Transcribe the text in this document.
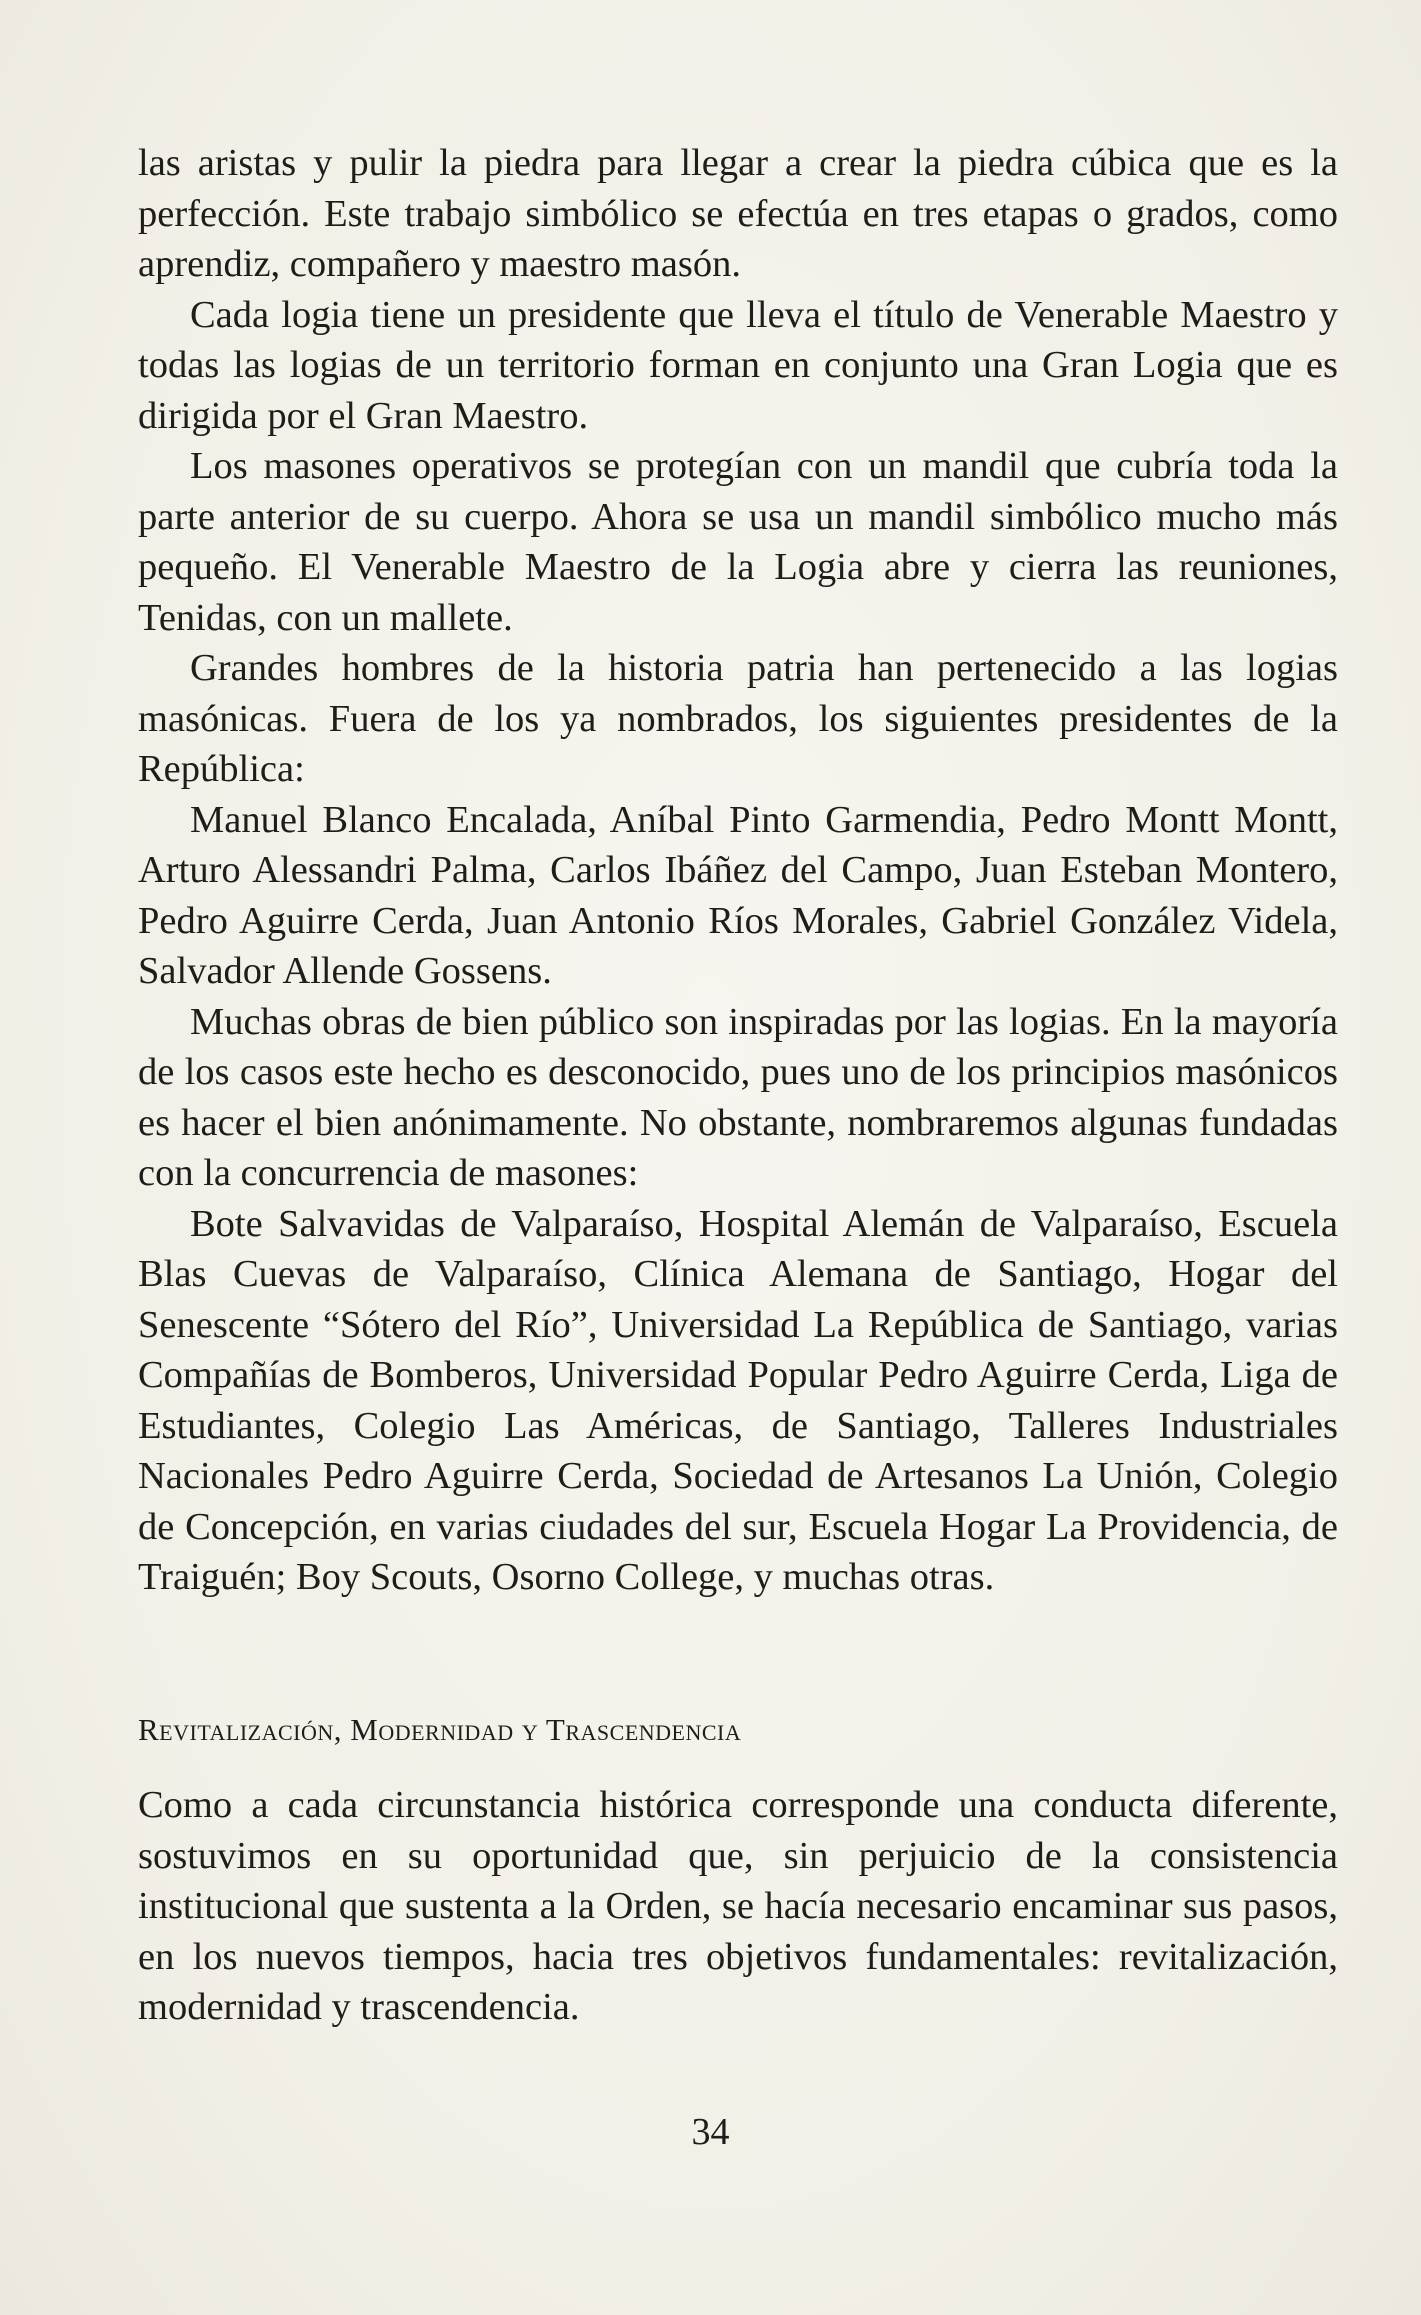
las aristas y pulir la piedra para llegar a crear la piedra cúbica que es la perfección. Este trabajo simbólico se efectúa en tres etapas o grados, como aprendiz, compañero y maestro masón.

Cada logia tiene un presidente que lleva el título de Venerable Maestro y todas las logias de un territorio forman en conjunto una Gran Logia que es dirigida por el Gran Maestro.

Los masones operativos se protegían con un mandil que cubría toda la parte anterior de su cuerpo. Ahora se usa un mandil simbólico mucho más pequeño. El Venerable Maestro de la Logia abre y cierra las reuniones, Tenidas, con un mallete.

Grandes hombres de la historia patria han pertenecido a las logias masónicas. Fuera de los ya nombrados, los siguientes presidentes de la República:

Manuel Blanco Encalada, Aníbal Pinto Garmendia, Pedro Montt Montt, Arturo Alessandri Palma, Carlos Ibáñez del Campo, Juan Esteban Montero, Pedro Aguirre Cerda, Juan Antonio Ríos Morales, Gabriel González Videla, Salvador Allende Gossens.

Muchas obras de bien público son inspiradas por las logias. En la mayoría de los casos este hecho es desconocido, pues uno de los principios masónicos es hacer el bien anónimamente. No obstante, nombraremos algunas fundadas con la concurrencia de masones:

Bote Salvavidas de Valparaíso, Hospital Alemán de Valparaíso, Escuela Blas Cuevas de Valparaíso, Clínica Alemana de Santiago, Hogar del Senescente “Sótero del Río”, Universidad La República de Santiago, varias Compañías de Bomberos, Universidad Popular Pedro Aguirre Cerda, Liga de Estudiantes, Colegio Las Américas, de Santiago, Talleres Industriales Nacionales Pedro Aguirre Cerda, Sociedad de Artesanos La Unión, Colegio de Concepción, en varias ciudades del sur, Escuela Hogar La Providencia, de Traiguén; Boy Scouts, Osorno College, y muchas otras.

Revitalización, Modernidad y Trascendencia

Como a cada circunstancia histórica corresponde una conducta diferente, sostuvimos en su oportunidad que, sin perjuicio de la consistencia institucional que sustenta a la Orden, se hacía necesario encaminar sus pasos, en los nuevos tiempos, hacia tres objetivos fundamentales: revitalización, modernidad y trascendencia.

34
